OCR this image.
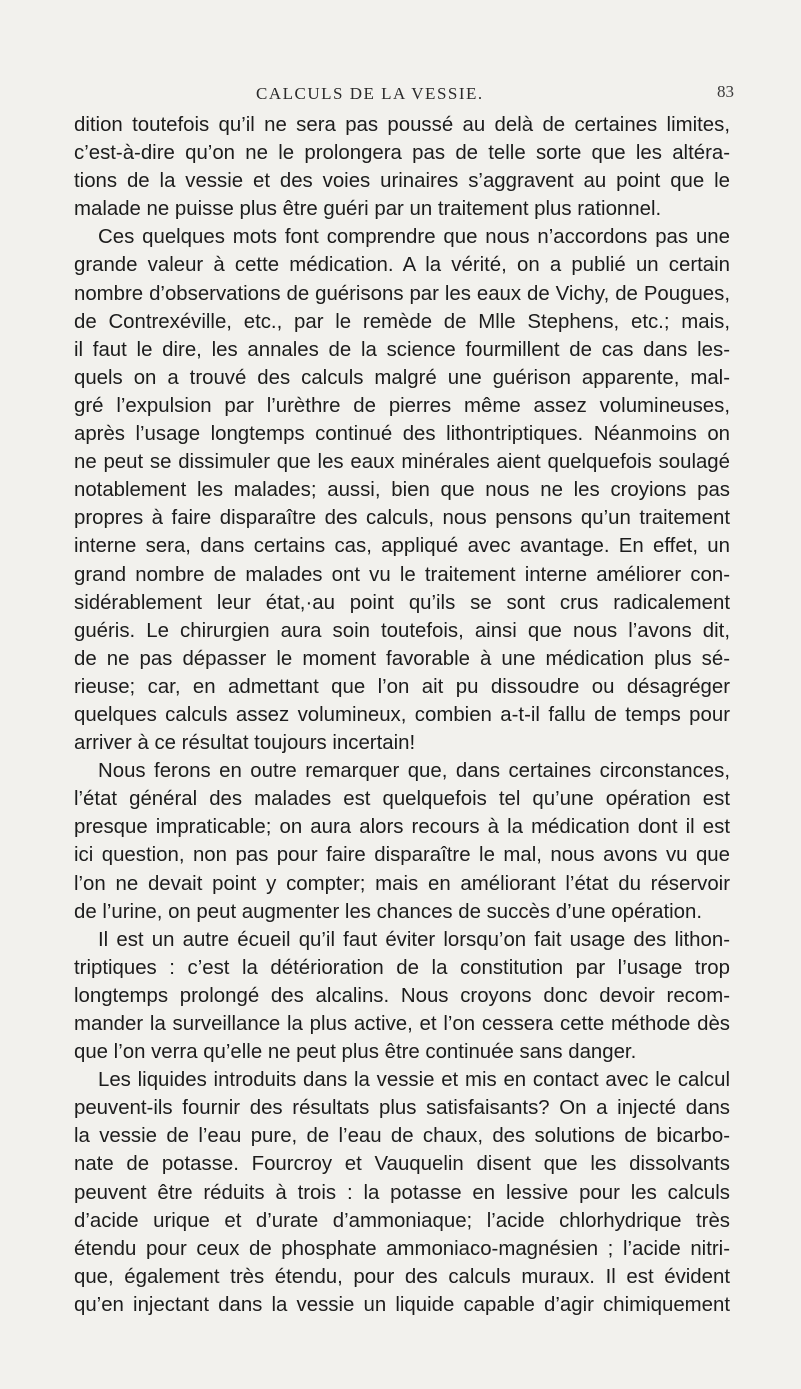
CALCULS DE LA VESSIE.	83
dition toutefois qu’il ne sera pas poussé au delà de certaines limites,
c’est-à-dire qu’on ne le prolongera pas de telle sorte que les altéra-
tions de la vessie et des voies urinaires s’aggravent au point que le
malade ne puisse plus être guéri par un traitement plus rationnel.
Ces quelques mots font comprendre que nous n’accordons pas une
grande valeur à cette médication. A la vérité, on a publié un certain
nombre d’observations de guérisons par les eaux de Vichy, de Pougues,
de Contrexéville, etc., par le remède de Mlle Stephens, etc.; mais,
il faut le dire, les annales de la science fourmillent de cas dans les-
quels on a trouvé des calculs malgré une guérison apparente, mal-
gré l’expulsion par l’urèthre de pierres même assez volumineuses,
après l’usage longtemps continué des lithontriptiques. Néanmoins on
ne peut se dissimuler que les eaux minérales aient quelquefois soulagé
notablement les malades; aussi, bien que nous ne les croyions pas
propres à faire disparaître des calculs, nous pensons qu’un traitement
interne sera, dans certains cas, appliqué avec avantage. En effet, un
grand nombre de malades ont vu le traitement interne améliorer con-
sidérablement leur état,·au point qu’ils se sont crus radicalement
guéris. Le chirurgien aura soin toutefois, ainsi que nous l’avons dit,
de ne pas dépasser le moment favorable à une médication plus sé-
rieuse; car, en admettant que l’on ait pu dissoudre ou désagréger
quelques calculs assez volumineux, combien a-t-il fallu de temps pour
arriver à ce résultat toujours incertain!
Nous ferons en outre remarquer que, dans certaines circonstances,
l’état général des malades est quelquefois tel qu’une opération est
presque impraticable; on aura alors recours à la médication dont il est
ici question, non pas pour faire disparaître le mal, nous avons vu que
l’on ne devait point y compter; mais en améliorant l’état du réservoir
de l’urine, on peut augmenter les chances de succès d’une opération.
Il est un autre écueil qu’il faut éviter lorsqu’on fait usage des lithon-
triptiques : c’est la détérioration de la constitution par l’usage trop
longtemps prolongé des alcalins. Nous croyons donc devoir recom-
mander la surveillance la plus active, et l’on cessera cette méthode dès
que l’on verra qu’elle ne peut plus être continuée sans danger.
Les liquides introduits dans la vessie et mis en contact avec le calcul
peuvent-ils fournir des résultats plus satisfaisants? On a injecté dans
la vessie de l’eau pure, de l’eau de chaux, des solutions de bicarbo-
nate de potasse. Fourcroy et Vauquelin disent que les dissolvants
peuvent être réduits à trois : la potasse en lessive pour les calculs
d’acide urique et d’urate d’ammoniaque; l’acide chlorhydrique très
étendu pour ceux de phosphate ammoniaco-magnésien ; l’acide nitri-
que, également très étendu, pour des calculs muraux. Il est évident
qu’en injectant dans la vessie un liquide capable d’agir chimiquement
